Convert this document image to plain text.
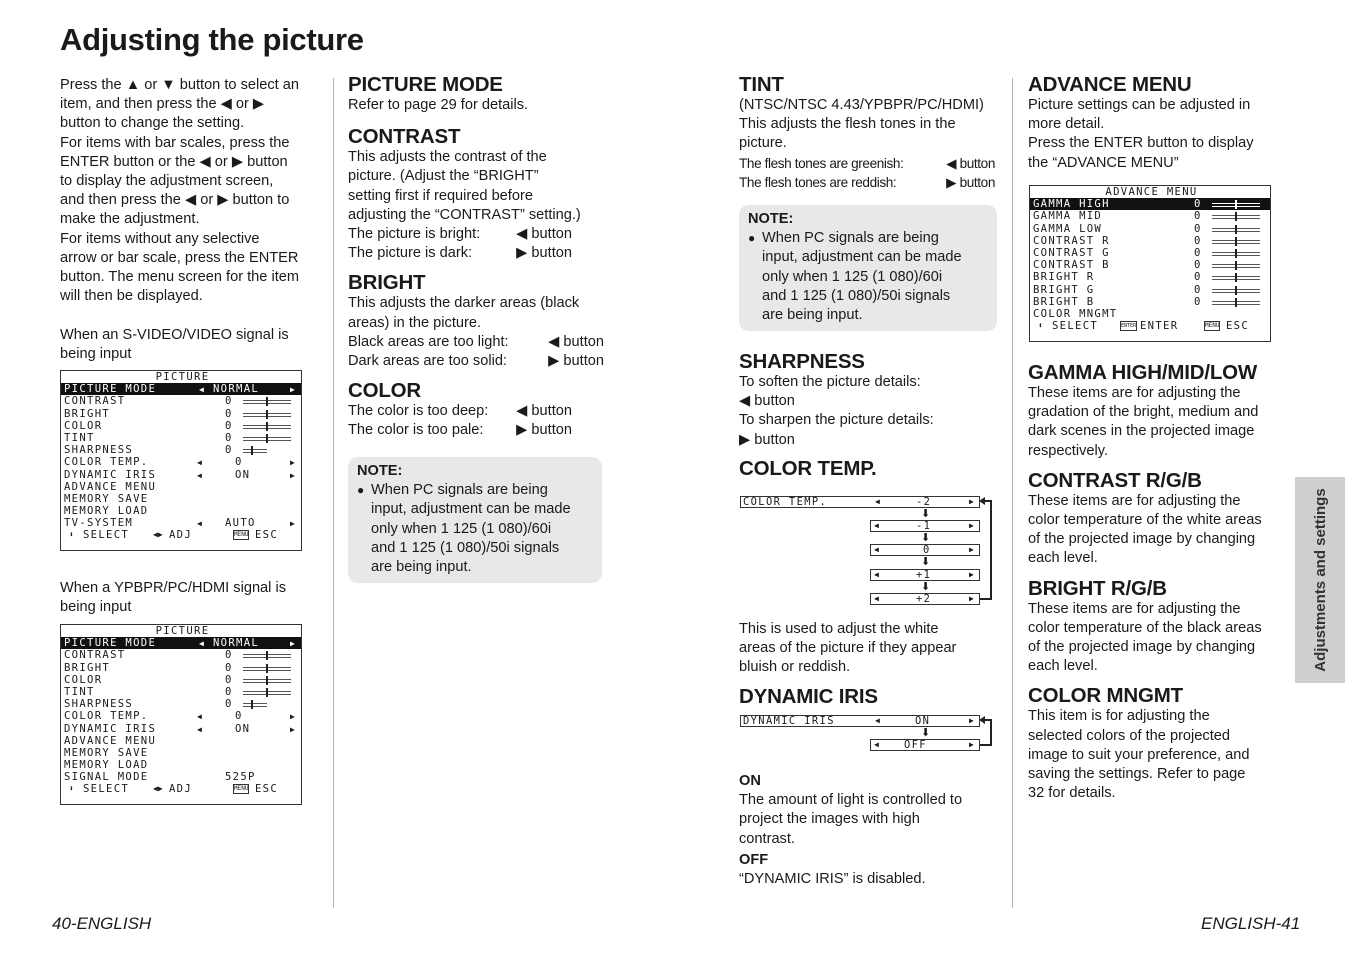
Adjusting the picture
Press the ▲ or ▼ button to select an
item, and then press the ◀ or ▶
button to change the setting.
For items with bar scales, press the
ENTER button or the ◀ or ▶ button
to display the adjustment screen,
and then press the ◀ or ▶ button to
make the adjustment.
For items without any selective
arrow or bar scale, press the ENTER
button. The menu screen for the item
will then be displayed.
When an S-VIDEO/VIDEO signal is
being input
PICTURE
PICTURE MODE	◀ NORMAL	▶
CONTRAST	0
BRIGHT	0
COLOR	0
TINT	0
SHARPNESS	0
COLOR TEMP.	◀	0	▶
DYNAMIC IRIS	◀	ON	▶
ADVANCE MENU
MEMORY SAVE
MEMORY LOAD
TV-SYSTEM	◀ AUTO	▶
⬍ SELECT	◀▶ ADJ	MENU ESC
When a YPBPR/PC/HDMI signal is
being input
PICTURE
PICTURE MODE	◀ NORMAL	▶
CONTRAST	0
BRIGHT	0
COLOR	0
TINT	0
SHARPNESS	0
COLOR TEMP.	◀	0	▶
DYNAMIC IRIS	◀	ON	▶
ADVANCE MENU
MEMORY SAVE
MEMORY LOAD
SIGNAL MODE	525P
⬍ SELECT	◀▶ ADJ	MENU ESC
PICTURE MODE
Refer to page 29 for details.
CONTRAST
This adjusts the contrast of the
picture. (Adjust the “BRIGHT”
setting first if required before
adjusting the “CONTRAST” setting.)
The picture is bright: ◀ button
The picture is dark:	▶ button
BRIGHT
This adjusts the darker areas (black
areas) in the picture.
Black areas are too light:	◀ button
Dark areas are too solid:	▶ button
COLOR
The color is too deep: ◀ button
The color is too pale: ▶ button
NOTE:
● When PC signals are being
input, adjustment can be made
only when 1 125 (1 080)/60i
and 1 125 (1 080)/50i signals
are being input.
TINT
(NTSC/NTSC 4.43/YPBPR/PC/HDMI)
This adjusts the flesh tones in the
picture.
The flesh tones are greenish:	◀ button
The flesh tones are reddish:	▶ button
NOTE:
● When PC signals are being
input, adjustment can be made
only when 1 125 (1 080)/60i
and 1 125 (1 080)/50i signals
are being input.
SHARPNESS
To soften the picture details:
◀ button
To sharpen the picture details:
▶ button
COLOR TEMP.
COLOR TEMP.	◀	-2	▶
⬇
◀	-1	▶
⬇
◀	0	▶
⬇
◀	+1	▶
⬇
◀	+2	▶
This is used to adjust the white
areas of the picture if they appear
bluish or reddish.
DYNAMIC IRIS
DYNAMIC IRIS	◀	ON	▶
⬇
◀ OFF	▶
ON
The amount of light is controlled to
project the images with high
contrast.
OFF
“DYNAMIC IRIS” is disabled.
ADVANCE MENU
Picture settings can be adjusted in
more detail.
Press the ENTER button to display
the “ADVANCE MENU”
ADVANCE MENU
GAMMA HIGH	0
GAMMA MID	0
GAMMA LOW	0
CONTRAST R	0
CONTRAST G	0
CONTRAST B	0
BRIGHT R	0
BRIGHT G	0
BRIGHT B	0
COLOR MNGMT
⬍ SELECT	ENTER ENTER	MENU ESC
GAMMA HIGH/MID/LOW
These items are for adjusting the
gradation of the bright, medium and
dark scenes in the projected image
respectively.
CONTRAST R/G/B
These items are for adjusting the
color temperature of the white areas
of the projected image by changing
each level.
BRIGHT R/G/B
These items are for adjusting the
color temperature of the black areas
of the projected image by changing
each level.
COLOR MNGMT
This item is for adjusting the
selected colors of the projected
image to suit your preference, and
saving the settings. Refer to page
32 for details.
Adjustments and settings
40-ENGLISH	ENGLISH-41
